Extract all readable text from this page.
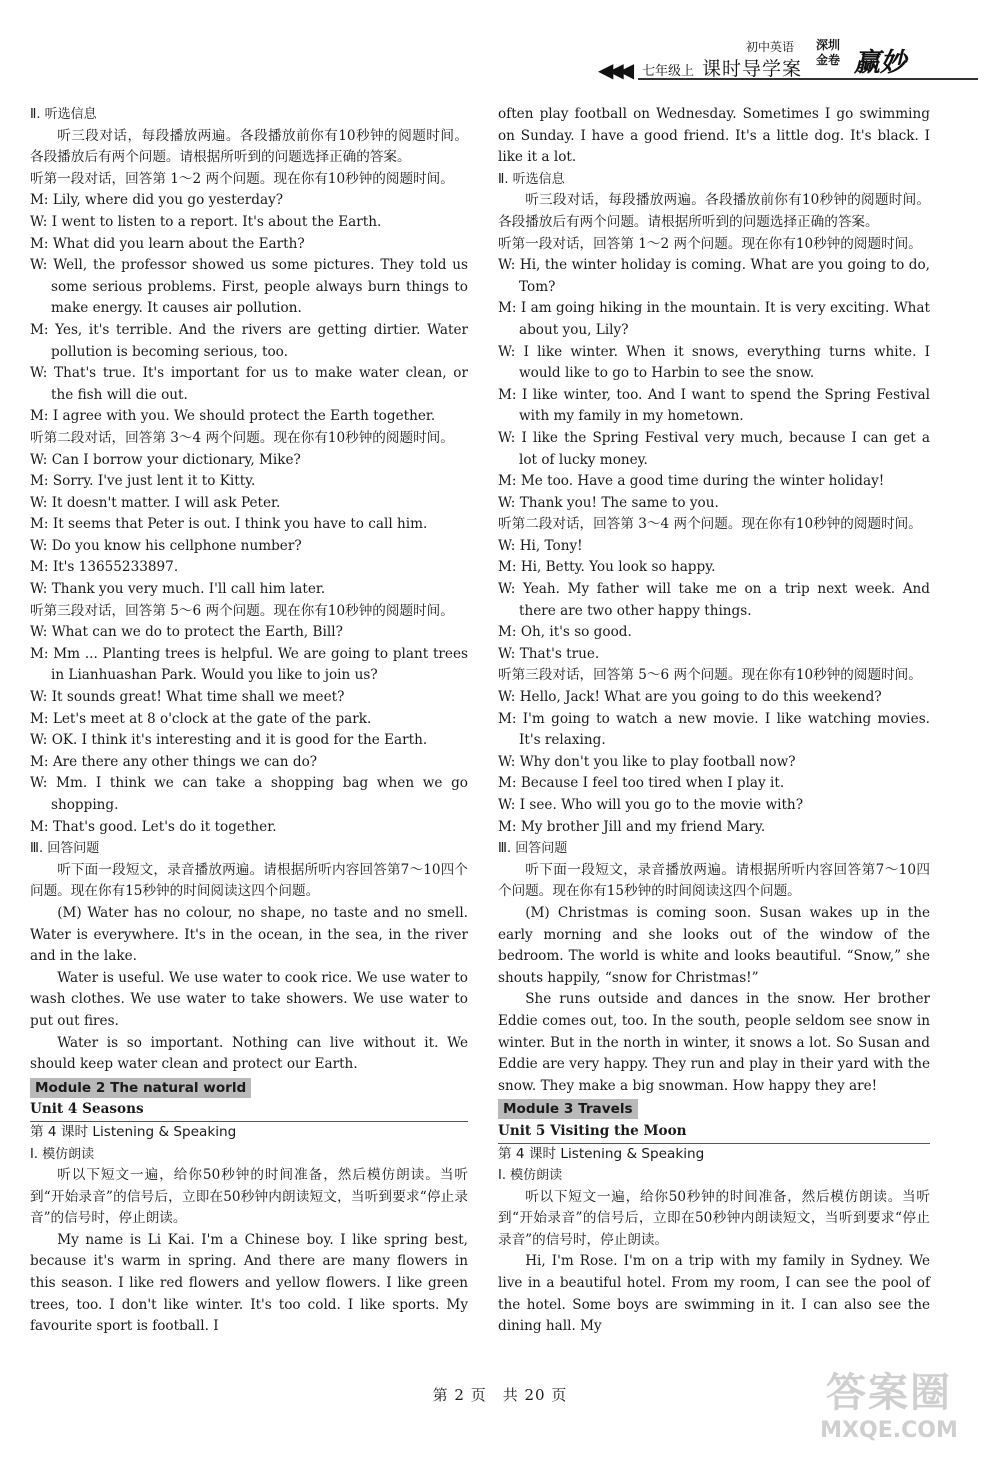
◀◀◀
初中英语
七年级上 课时导学案
深圳金卷 赢妙

Ⅱ. 听选信息

听三段对话，每段播放两遍。各段播放前你有10秒钟的阅题时间。各段播放后有两个问题。请根据所听到的问题选择正确的答案。

听第一段对话，回答第 1～2 两个问题。现在你有10秒钟的阅题时间。

M: Lily, where did you go yesterday?

W: I went to listen to a report. It's about the Earth.

M: What did you learn about the Earth?

W: Well, the professor showed us some pictures. They told us some serious problems. First, people always burn things to make energy. It causes air pollution.

M: Yes, it's terrible. And the rivers are getting dirtier. Water pollution is becoming serious, too.

W: That's true. It's important for us to make water clean, or the fish will die out.

M: I agree with you. We should protect the Earth together.

听第二段对话，回答第 3～4 两个问题。现在你有10秒钟的阅题时间。

W: Can I borrow your dictionary, Mike?

M: Sorry. I've just lent it to Kitty.

W: It doesn't matter. I will ask Peter.

M: It seems that Peter is out. I think you have to call him.

W: Do you know his cellphone number?

M: It's 13655233897.

W: Thank you very much. I'll call him later.

听第三段对话，回答第 5～6 两个问题。现在你有10秒钟的阅题时间。

W: What can we do to protect the Earth, Bill?

M: Mm ... Planting trees is helpful. We are going to plant trees in Lianhuashan Park. Would you like to join us?

W: It sounds great! What time shall we meet?

M: Let's meet at 8 o'clock at the gate of the park.

W: OK. I think it's interesting and it is good for the Earth.

M: Are there any other things we can do?

W: Mm. I think we can take a shopping bag when we go shopping.

M: That's good. Let's do it together.

Ⅲ. 回答问题

听下面一段短文，录音播放两遍。请根据所听内容回答第7～10四个问题。现在你有15秒钟的时间阅读这四个问题。

(M) Water has no colour, no shape, no taste and no smell. Water is everywhere. It's in the ocean, in the sea, in the river and in the lake.

Water is useful. We use water to cook rice. We use water to wash clothes. We use water to take showers. We use water to put out fires.

Water is so important. Nothing can live without it. We should keep water clean and protect our Earth.

Module 2 The natural world

Unit 4 Seasons

第 4 课时 Listening & Speaking

Ⅰ. 模仿朗读

听以下短文一遍，给你50秒钟的时间准备，然后模仿朗读。当听到“开始录音”的信号后，立即在50秒钟内朗读短文，当听到要求“停止录音”的信号时，停止朗读。

My name is Li Kai. I'm a Chinese boy. I like spring best, because it's warm in spring. And there are many flowers in this season. I like red flowers and yellow flowers. I like green trees, too. I don't like winter. It's too cold. I like sports. My favourite sport is football. I

often play football on Wednesday. Sometimes I go swimming on Sunday. I have a good friend. It's a little dog. It's black. I like it a lot.

Ⅱ. 听选信息

听三段对话，每段播放两遍。各段播放前你有10秒钟的阅题时间。各段播放后有两个问题。请根据所听到的问题选择正确的答案。

听第一段对话，回答第 1～2 两个问题。现在你有10秒钟的阅题时间。

W: Hi, the winter holiday is coming. What are you going to do, Tom?

M: I am going hiking in the mountain. It is very exciting. What about you, Lily?

W: I like winter. When it snows, everything turns white. I would like to go to Harbin to see the snow.

M: I like winter, too. And I want to spend the Spring Festival with my family in my hometown.

W: I like the Spring Festival very much, because I can get a lot of lucky money.

M: Me too. Have a good time during the winter holiday!

W: Thank you! The same to you.

听第二段对话，回答第 3～4 两个问题。现在你有10秒钟的阅题时间。

W: Hi, Tony!

M: Hi, Betty. You look so happy.

W: Yeah. My father will take me on a trip next week. And there are two other happy things.

M: Oh, it's so good.

W: That's true.

听第三段对话，回答第 5～6 两个问题。现在你有10秒钟的阅题时间。

W: Hello, Jack! What are you going to do this weekend?

M: I'm going to watch a new movie. I like watching movies. It's relaxing.

W: Why don't you like to play football now?

M: Because I feel too tired when I play it.

W: I see. Who will you go to the movie with?

M: My brother Jill and my friend Mary.

Ⅲ. 回答问题

听下面一段短文，录音播放两遍。请根据所听内容回答第7～10四个问题。现在你有15秒钟的时间阅读这四个问题。

(M) Christmas is coming soon. Susan wakes up in the early morning and she looks out of the window of the bedroom. The world is white and looks beautiful. “Snow,” she shouts happily, “snow for Christmas!”

She runs outside and dances in the snow. Her brother Eddie comes out, too. In the south, people seldom see snow in winter. But in the north in winter, it snows a lot. So Susan and Eddie are very happy. They run and play in their yard with the snow. They make a big snowman. How happy they are!

Module 3 Travels

Unit 5 Visiting the Moon

第 4 课时 Listening & Speaking

Ⅰ. 模仿朗读

听以下短文一遍，给你50秒钟的时间准备，然后模仿朗读。当听到“开始录音”的信号后，立即在50秒钟内朗读短文，当听到要求“停止录音”的信号时，停止朗读。

Hi, I'm Rose. I'm on a trip with my family in Sydney. We live in a beautiful hotel. From my room, I can see the pool of the hotel. Some boys are swimming in it. I can also see the dining hall. My

第 2 页　共 20 页	答案圈
MXQE.COM
